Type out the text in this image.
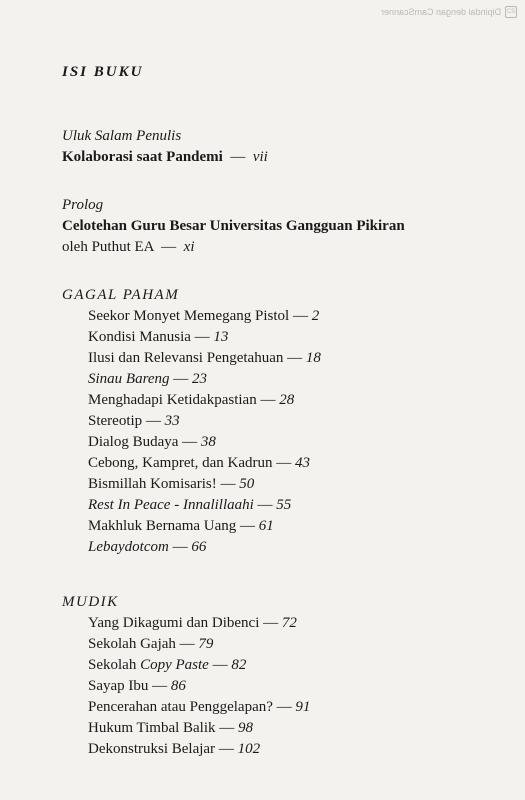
Dipindai dengan CamScanner CS
ISI BUKU
Uluk Salam Penulis
Kolaborasi saat Pandemi  —  vii
Prolog
Celotehan Guru Besar Universitas Gangguan Pikiran
oleh Puthut EA  —  xi
GAGAL PAHAM
Seekor Monyet Memegang Pistol — 2
Kondisi Manusia — 13
Ilusi dan Relevansi Pengetahuan — 18
Sinau Bareng — 23
Menghadapi Ketidakpastian — 28
Stereotip — 33
Dialog Budaya — 38
Cebong, Kampret, dan Kadrun — 43
Bismillah Komisaris! — 50
Rest In Peace - Innalillaahi — 55
Makhluk Bernama Uang — 61
Lebaydotcom — 66
MUDIK
Yang Dikagumi dan Dibenci — 72
Sekolah Gajah — 79
Sekolah Copy Paste — 82
Sayap Ibu — 86
Pencerahan atau Penggelapan? — 91
Hukum Timbal Balik — 98
Dekonstruksi Belajar — 102
